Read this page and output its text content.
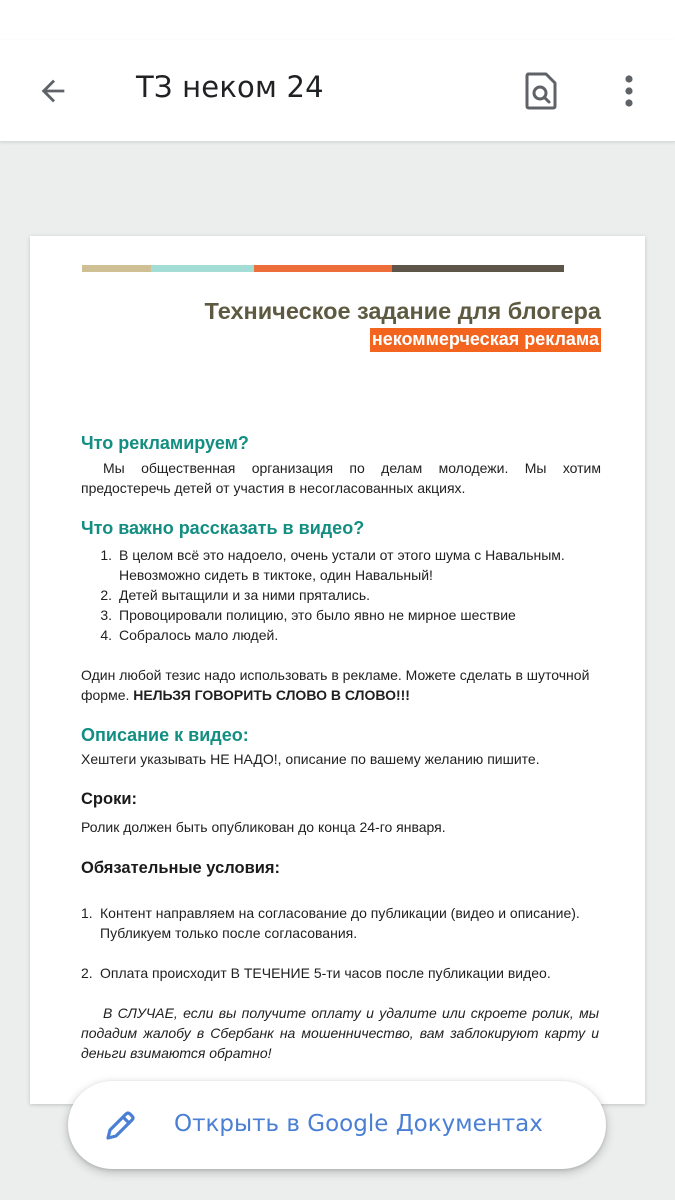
ТЗ неком 24
Техническое задание для блогера
некоммерческая реклама
Что рекламируем?
Мы общественная организация по делам молодежи. Мы хотим предостеречь детей от участия в несогласованных акциях.
Что важно рассказать в видео?
1. В целом всё это надоело, очень устали от этого шума с Навальным. Невозможно сидеть в тиктоке, один Навальный!
2. Детей вытащили и за ними прятались.
3. Провоцировали полицию, это было явно не мирное шествие
4. Собралось мало людей.
Один любой тезис надо использовать в рекламе. Можете сделать в шуточной форме. НЕЛЬЗЯ ГОВОРИТЬ СЛОВО В СЛОВО!!!
Описание к видео:
Хештеги указывать НЕ НАДО!, описание по вашему желанию пишите.
Сроки:
Ролик должен быть опубликован до конца 24-го января.
Обязательные условия:
1. Контент направляем на согласование до публикации (видео и описание). Публикуем только после согласования.
2. Оплата происходит В ТЕЧЕНИЕ 5-ти часов после публикации видео.
В СЛУЧАЕ, если вы получите оплату и удалите или скроете ролик, мы подадим жалобу в Сбербанк на мошенничество, вам заблокируют карту и деньги взимаются обратно!
Открыть в Google Документах
